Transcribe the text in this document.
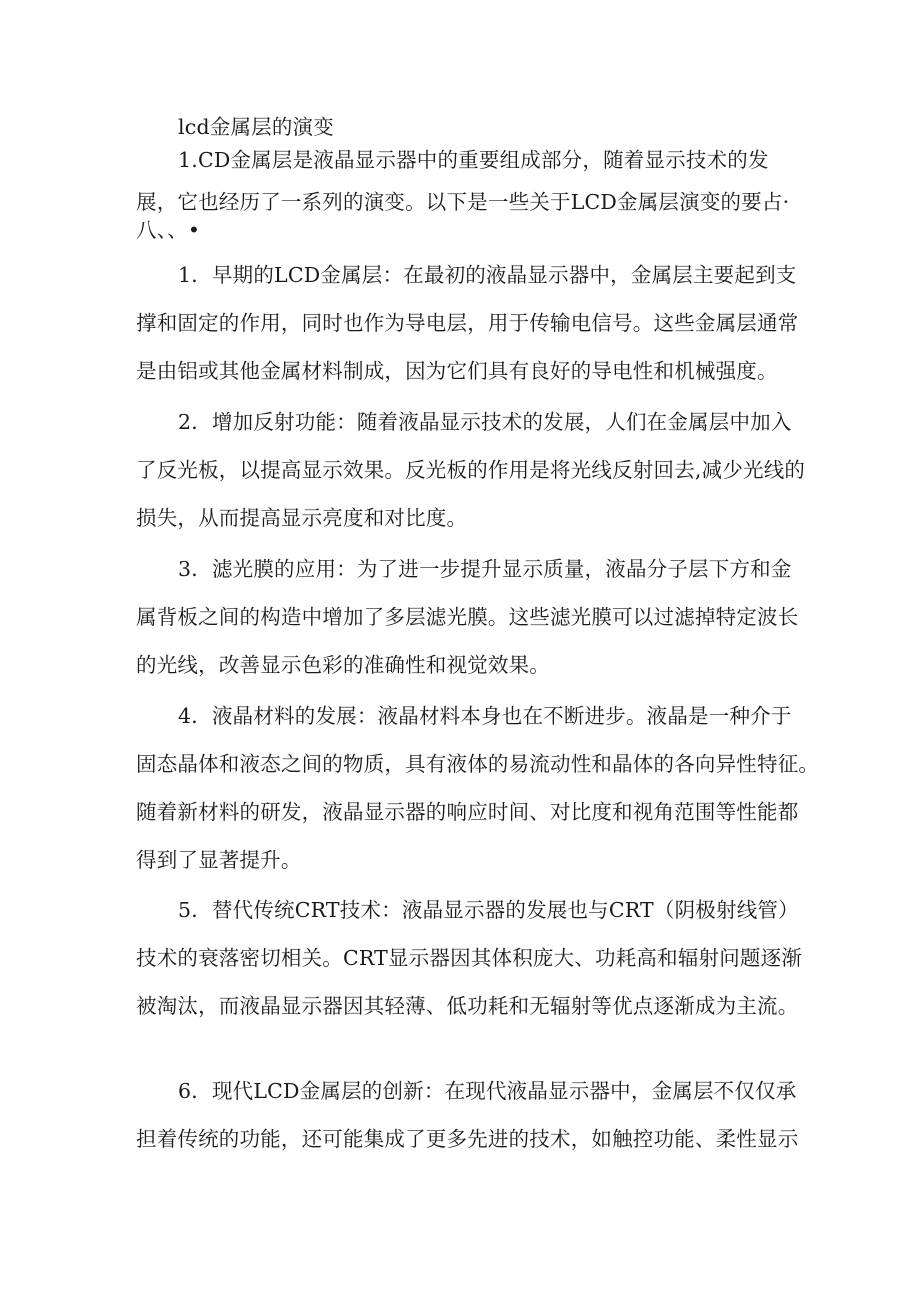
lcd金属层的演变
1.CD金属层是液晶显示器中的重要组成部分，随着显示技术的发
展，它也经历了一系列的演变。以下是一些关于LCD金属层演变的要占·
八、、•
1．早期的LCD金属层：在最初的液晶显示器中，金属层主要起到支
撑和固定的作用，同时也作为导电层，用于传输电信号。这些金属层通常
是由铝或其他金属材料制成，因为它们具有良好的导电性和机械强度。
2．增加反射功能：随着液晶显示技术的发展，人们在金属层中加入
了反光板，以提高显示效果。反光板的作用是将光线反射回去,减少光线的
损失，从而提高显示亮度和对比度。
3．滤光膜的应用：为了进一步提升显示质量，液晶分子层下方和金
属背板之间的构造中增加了多层滤光膜。这些滤光膜可以过滤掉特定波长
的光线，改善显示色彩的准确性和视觉效果。
4．液晶材料的发展：液晶材料本身也在不断进步。液晶是一种介于
固态晶体和液态之间的物质，具有液体的易流动性和晶体的各向异性特征。
随着新材料的研发，液晶显示器的响应时间、对比度和视角范围等性能都
得到了显著提升。
5．替代传统CRT技术：液晶显示器的发展也与CRT（阴极射线管）
技术的衰落密切相关。CRT显示器因其体积庞大、功耗高和辐射问题逐渐
被淘汰，而液晶显示器因其轻薄、低功耗和无辐射等优点逐渐成为主流。
6．现代LCD金属层的创新：在现代液晶显示器中，金属层不仅仅承
担着传统的功能，还可能集成了更多先进的技术，如触控功能、柔性显示
